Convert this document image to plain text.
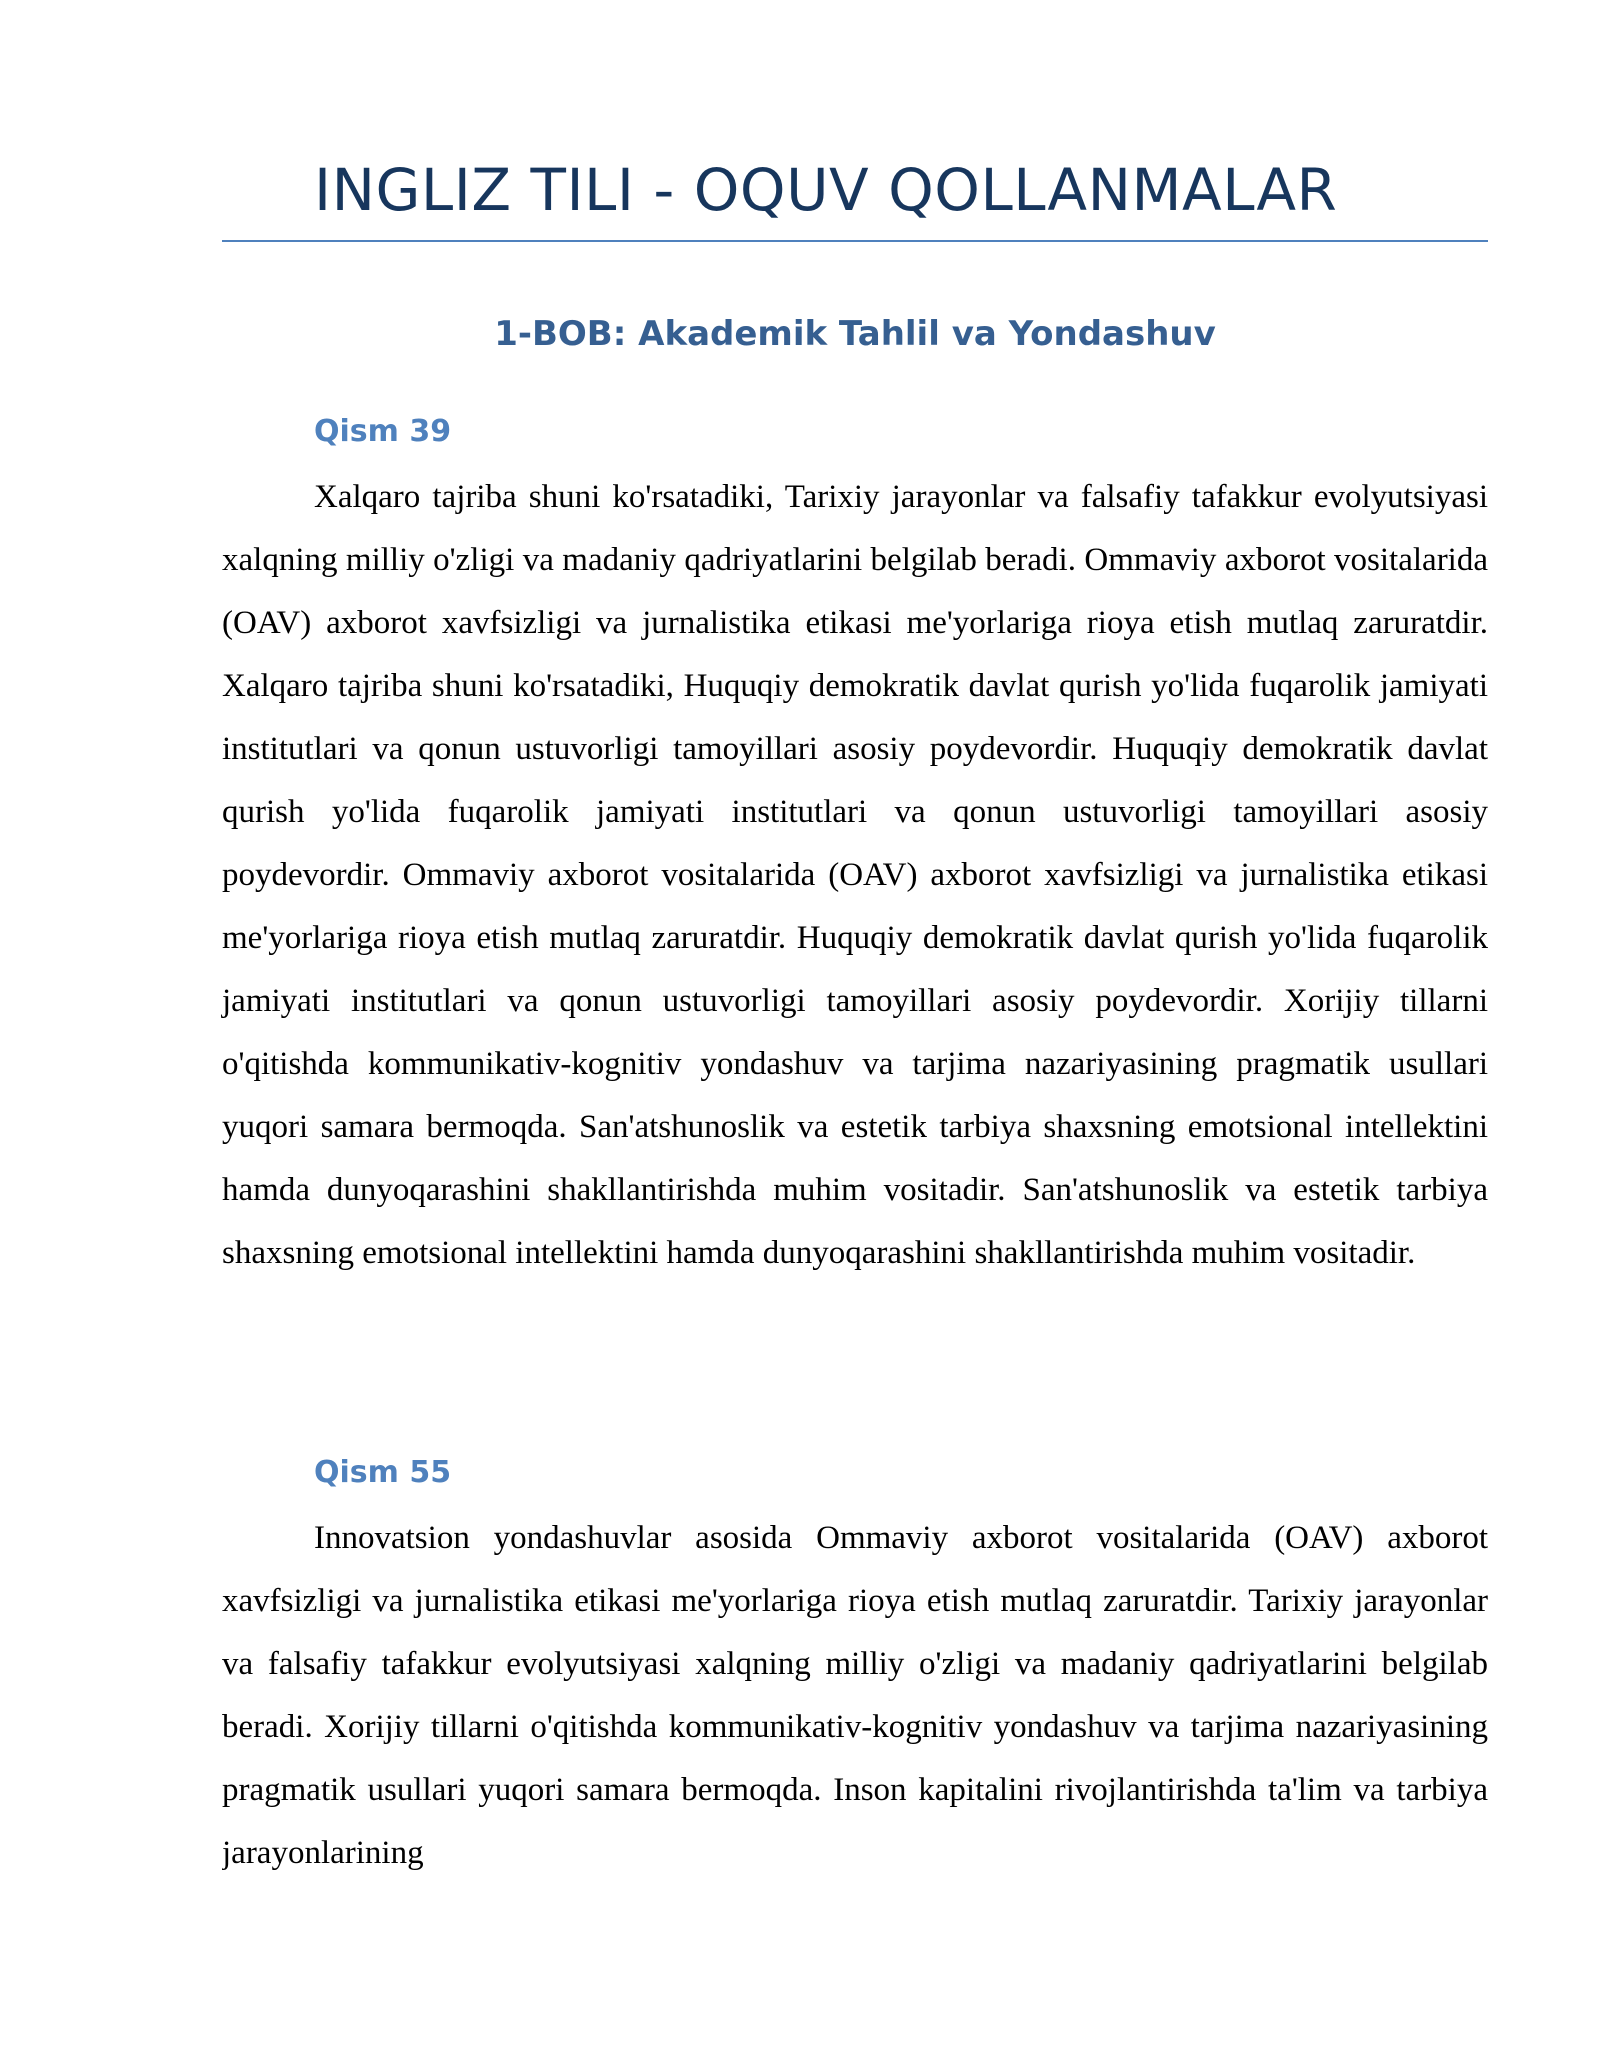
INGLIZ TILI - OQUV QOLLANMALAR
1-BOB: Akademik Tahlil va Yondashuv
Qism 39

Xalqaro tajriba shuni ko'rsatadiki, Tarixiy jarayonlar va falsafiy tafakkur evolyutsiyasi xalqning milliy o'zligi va madaniy qadriyatlarini belgilab beradi. Ommaviy axborot vositalarida (OAV) axborot xavfsizligi va jurnalistika etikasi me'yorlariga rioya etish mutlaq zaruratdir. Xalqaro tajriba shuni ko'rsatadiki, Huquqiy demokratik davlat qurish yo'lida fuqarolik jamiyati institutlari va qonun ustuvorligi tamoyillari asosiy poydevordir. Huquqiy demokratik davlat qurish yo'lida fuqarolik jamiyati institutlari va qonun ustuvorligi tamoyillari asosiy poydevordir. Ommaviy axborot vositalarida (OAV) axborot xavfsizligi va jurnalistika etikasi me'yorlariga rioya etish mutlaq zaruratdir. Huquqiy demokratik davlat qurish yo'lida fuqarolik jamiyati institutlari va qonun ustuvorligi tamoyillari asosiy poydevordir. Xorijiy tillarni o'qitishda kommunikativ-kognitiv yondashuv va tarjima nazariyasining pragmatik usullari yuqori samara bermoqda. San'atshunoslik va estetik tarbiya shaxsning emotsional intellektini hamda dunyoqarashini shakllantirishda muhim vositadir. San'atshunoslik va estetik tarbiya shaxsning emotsional intellektini hamda dunyoqarashini shakllantirishda muhim vositadir.

Qism 55

Innovatsion yondashuvlar asosida Ommaviy axborot vositalarida (OAV) axborot xavfsizligi va jurnalistika etikasi me'yorlariga rioya etish mutlaq zaruratdir. Tarixiy jarayonlar va falsafiy tafakkur evolyutsiyasi xalqning milliy o'zligi va madaniy qadriyatlarini belgilab beradi. Xorijiy tillarni o'qitishda kommunikativ-kognitiv yondashuv va tarjima nazariyasining pragmatik usullari yuqori samara bermoqda. Inson kapitalini rivojlantirishda ta'lim va tarbiya jarayonlarining
